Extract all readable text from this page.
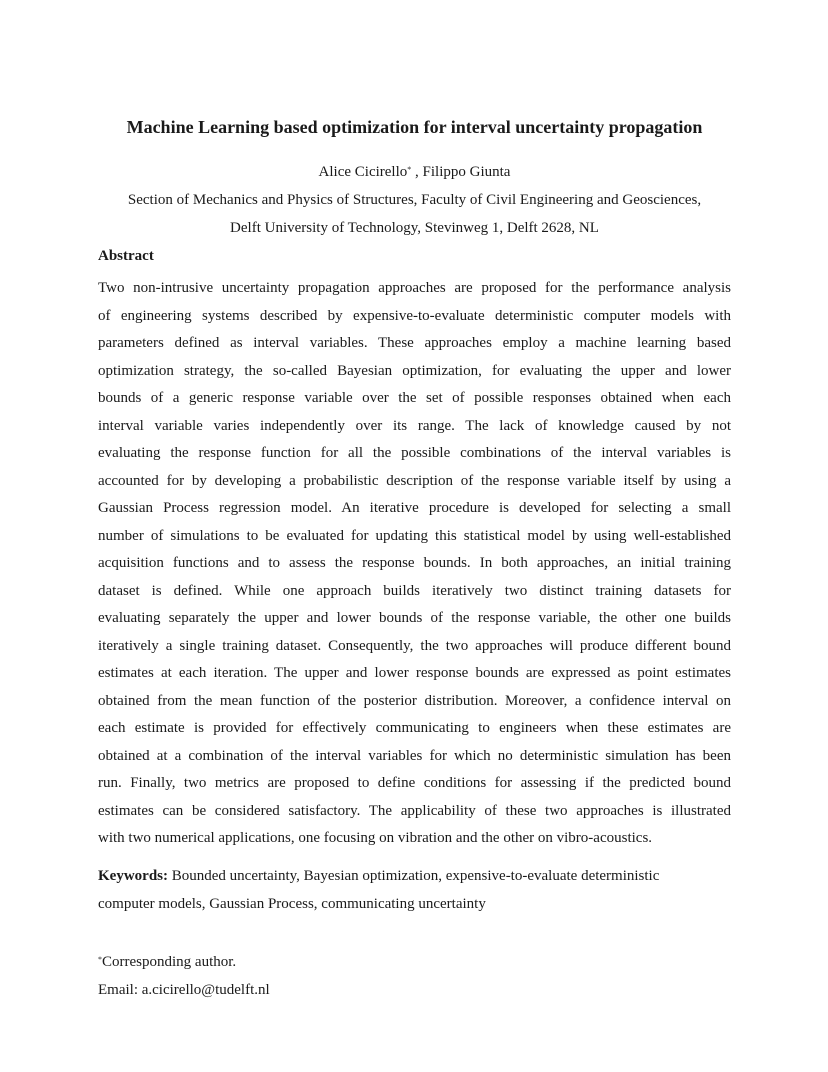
Machine Learning based optimization for interval uncertainty propagation
Alice Cicirello* , Filippo Giunta
Section of Mechanics and Physics of Structures, Faculty of Civil Engineering and Geosciences,
Delft University of Technology, Stevinweg 1, Delft 2628, NL
Abstract
Two non-intrusive uncertainty propagation approaches are proposed for the performance analysis
of engineering systems described by expensive-to-evaluate deterministic computer models with
parameters defined as interval variables. These approaches employ a machine learning based
optimization strategy, the so-called Bayesian optimization, for evaluating the upper and lower
bounds of a generic response variable over the set of possible responses obtained when each
interval variable varies independently over its range. The lack of knowledge caused by not
evaluating the response function for all the possible combinations of the interval variables is
accounted for by developing a probabilistic description of the response variable itself by using a
Gaussian Process regression model. An iterative procedure is developed for selecting a small
number of simulations to be evaluated for updating this statistical model by using well-established
acquisition functions and to assess the response bounds. In both approaches, an initial training
dataset is defined. While one approach builds iteratively two distinct training datasets for
evaluating separately the upper and lower bounds of the response variable, the other one builds
iteratively a single training dataset. Consequently, the two approaches will produce different bound
estimates at each iteration. The upper and lower response bounds are expressed as point estimates
obtained from the mean function of the posterior distribution. Moreover, a confidence interval on
each estimate is provided for effectively communicating to engineers when these estimates are
obtained at a combination of the interval variables for which no deterministic simulation has been
run. Finally, two metrics are proposed to define conditions for assessing if the predicted bound
estimates can be considered satisfactory. The applicability of these two approaches is illustrated
with two numerical applications, one focusing on vibration and the other on vibro-acoustics.
Keywords: Bounded uncertainty, Bayesian optimization, expensive-to-evaluate deterministic
computer models, Gaussian Process, communicating uncertainty
*Corresponding author.
Email: a.cicirello@tudelft.nl
